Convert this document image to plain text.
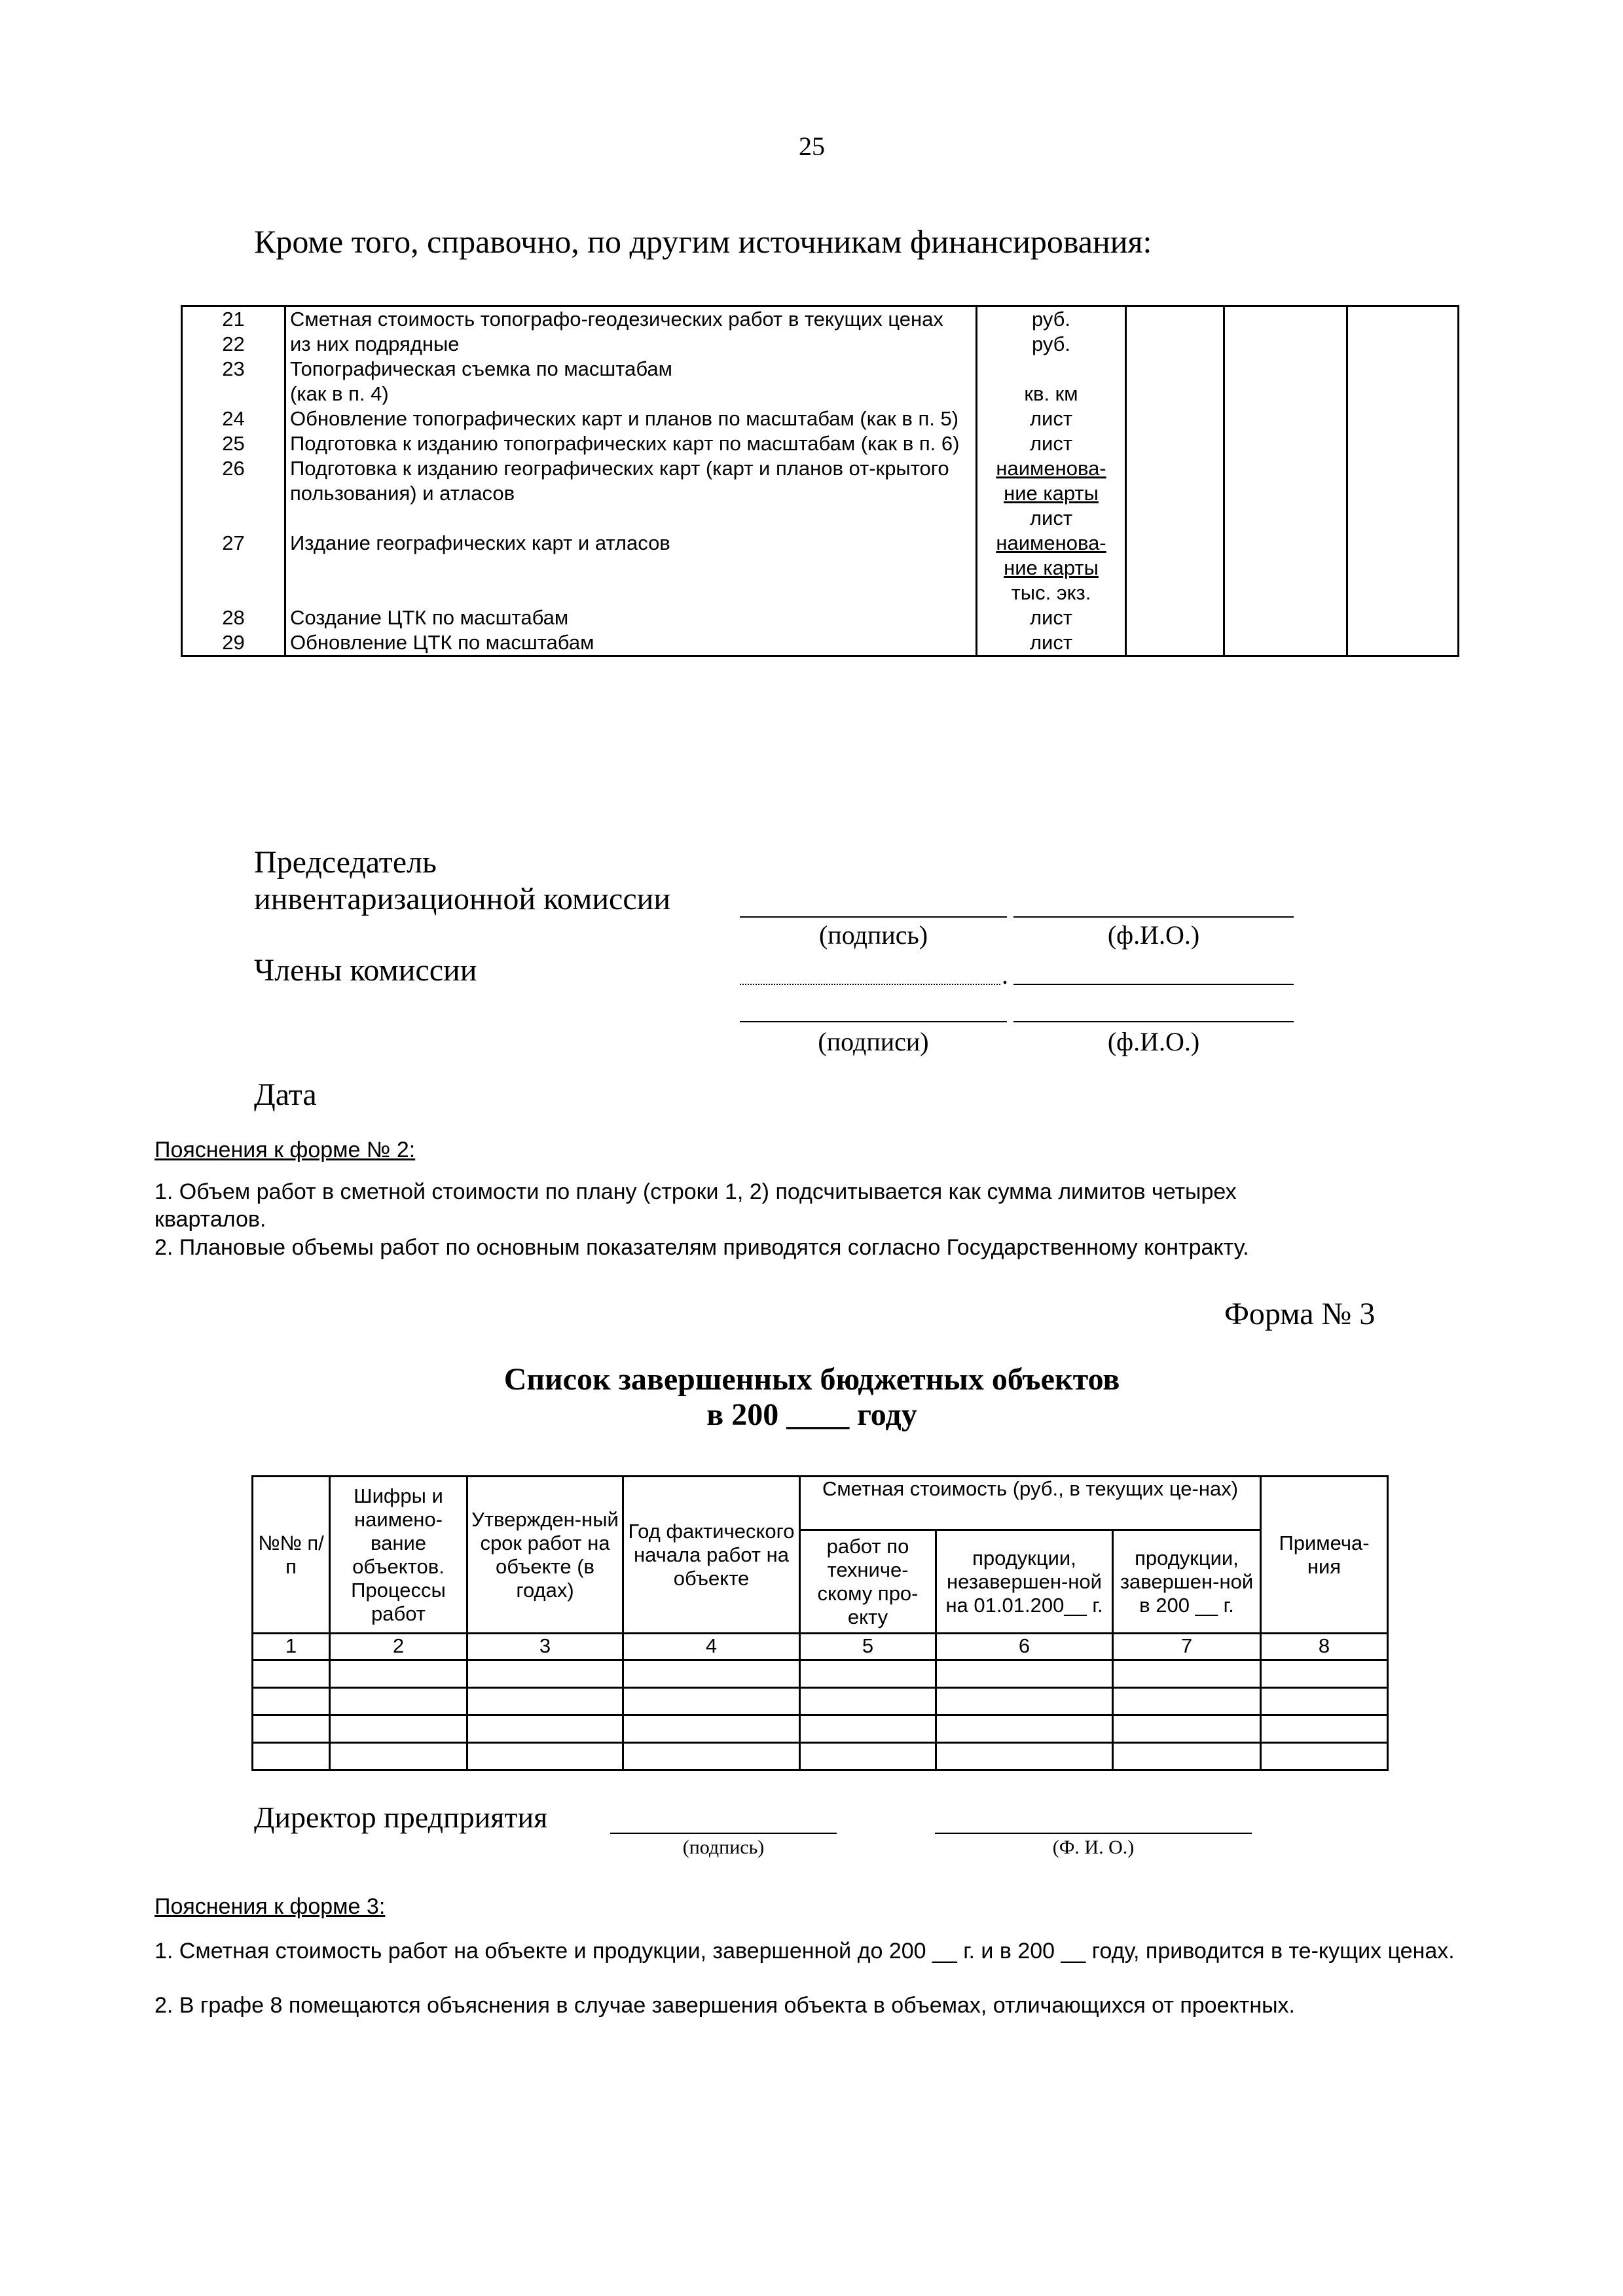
25
Кроме того, справочно, по другим источникам финансирования:
21	Сметная стоимость топографо-геодезических работ в текущих ценах	руб.			
22	из них подрядные	руб.			
23	Топографическая съемка по масштабам				
	(как в п. 4)	кв. км			
24	Обновление топографических карт и планов по масштабам (как в п. 5)	лист			
25	Подготовка к изданию топографических карт по масштабам (как в п. 6)	лист			
26	Подготовка к изданию географических карт (карт и планов от-крытого пользования) и атласов	наименова-ние карты			
		лист			
27	Издание географических карт и атласов	наименова-ние карты			
		тыс. экз.			
28	Создание ЦТК по масштабам	лист			
29	Обновление ЦТК по масштабам	лист			
Председатель
инвентаризационной комиссии
(подпись)	(ф.И.О.)
Члены комиссии	.
(подписи)	(ф.И.О.)
Дата
Пояснения к форме № 2:
1. Объем работ в сметной стоимости по плану (строки 1, 2) подсчитывается как сумма лимитов четырех кварталов.
2. Плановые объемы работ по основным показателям приводятся согласно Государственному контракту.
Форма № 3
Список завершенных бюджетных объектов
в 200 ____ году
№№ п/п	Шифры и наимено-вание объектов. Процессы работ	Утвержден-ный срок работ на объекте (в годах)	Год фактического начала работ на объекте	Сметная стоимость (руб., в текущих це-нах)			Примеча-ния
				работ по техниче-скому про-екту	продукции, незавершен-ной на 01.01.200__ г.	продукции, завершен-ной в 200 __ г.	
1	2	3	4	5	6	7	8

Директор предприятия
(подпись)	(Ф. И. О.)
Пояснения к форме 3:
1. Сметная стоимость работ на объекте и продукции, завершенной до 200 __ г. и в 200 __ году, приводится в те-кущих ценах.
2. В графе 8 помещаются объяснения в случае завершения объекта в объемах, отличающихся от проектных.
